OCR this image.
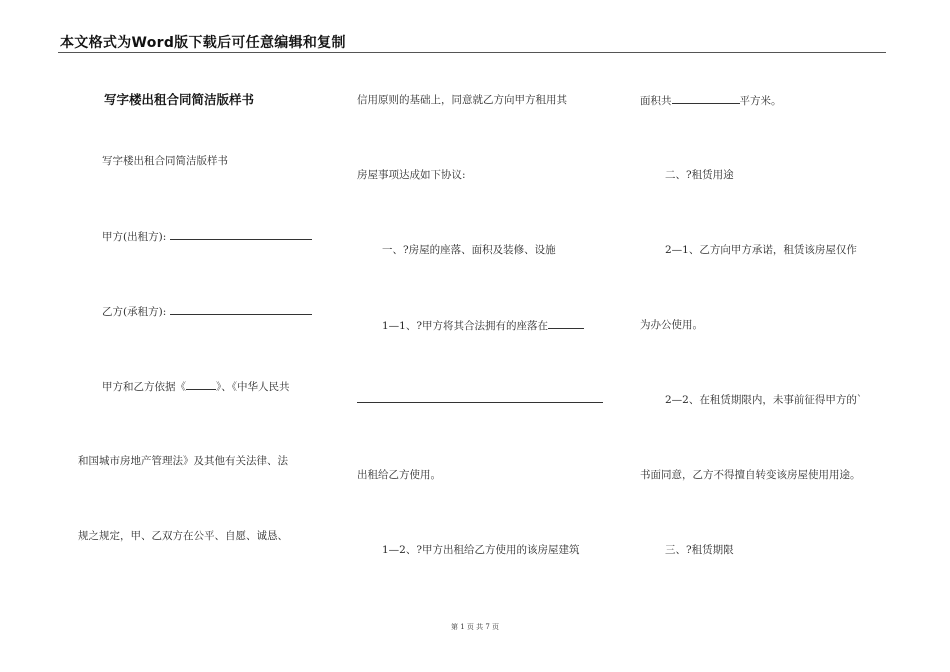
本文格式为Word版下载后可任意编辑和复制
写字楼出租合同简洁版样书
写字楼出租合同简洁版样书
甲方(出租方):
乙方(承租方):
甲方和乙方依据《	》、《中华人民共
和国城市房地产管理法》及其他有关法律、法
规之规定，甲、乙双方在公平、自愿、诚恳、
信用原则的基础上，同意就乙方向甲方租用其
房屋事项达成如下协议:
一、?房屋的座落、面积及装修、设施
1—1、?甲方将其合法拥有的座落在
出租给乙方使用。
1—2、?甲方出租给乙方使用的该房屋建筑
面积共	平方米。
二、?租赁用途
2—1、乙方向甲方承诺，租赁该房屋仅作
为办公使用。
2—2、在租赁期限内，未事前征得甲方的`
书面同意，乙方不得擅自转变该房屋使用用途。
三、?租赁期限
第 1 页 共 7 页
